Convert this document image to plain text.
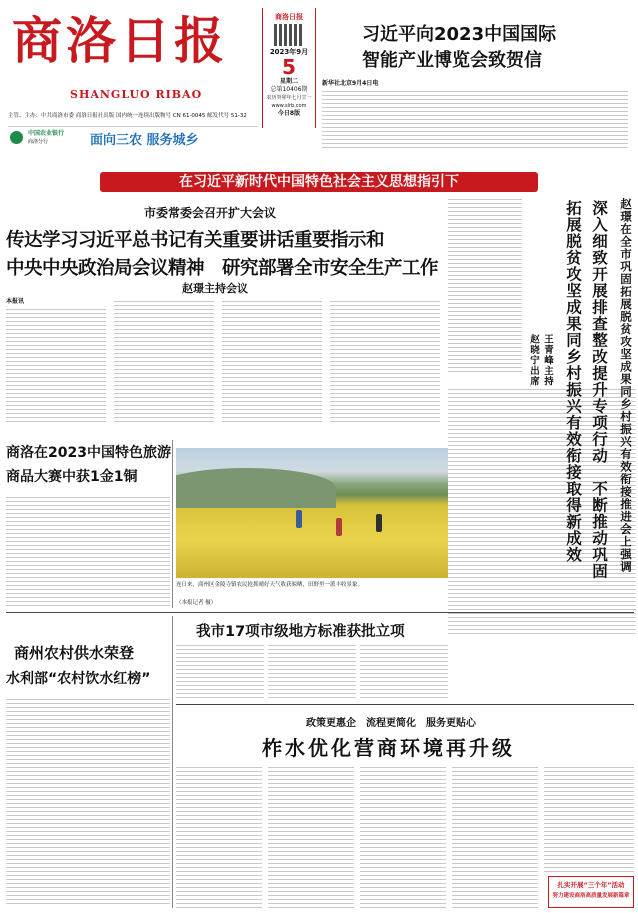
商洛日报
SHANGLUO RIBAO
商洛日报
2023年9月
5
星期二
总第10406期
农历癸卯年七月廿一
www.slrb.com
今日8版
主管、主办：中共商洛市委 商洛日报社出版 国内统一连续出版物号 CN 61-0045 邮发代号 51-32
中国农业银行
商洛分行	面向三农 服务城乡
习近平向2023中国国际
智能产业博览会致贺信
新华社北京9月4日电
在习近平新时代中国特色社会主义思想指引下
市委常委会召开扩大会议
传达学习习近平总书记有关重要讲话重要指示和
中央中央政治局会议精神　研究部署全市安全生产工作
赵璟主持会议
本报讯	赵璟在全市巩固拓展脱贫攻坚成果同乡村振兴有效衔接推进会上强调
深入细致开展排查整改提升专项行动　不断推动巩固
拓展脱贫攻坚成果同乡村振兴有效衔接取得新成效
王青峰主持
赵晓宁出席
连日来，商州区金陵寺镇农民抢抓晴好天气收获晾晒，田野里一派丰收景象。
（本报记者 摄）
商洛在2023中国特色旅游
商品大赛中获1金1铜
商州农村供水荣登
水利部“农村饮水红榜”
我市17项市级地方标准获批立项
政策更惠企　流程更简化　服务更贴心
柞水优化营商环境再升级
扎实开展“三个年”活动
努力建设商洛高质量发展新篇章
